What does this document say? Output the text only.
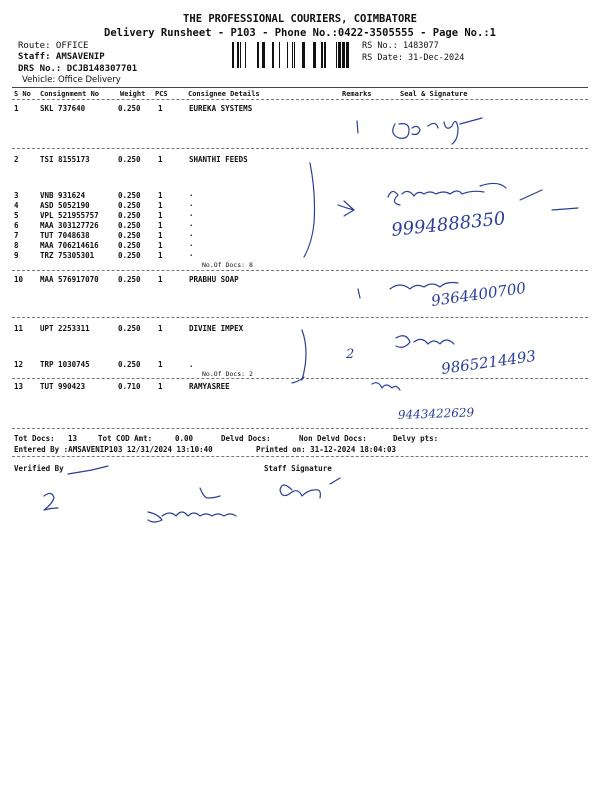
THE PROFESSIONAL COURIERS, COIMBATORE
Delivery Runsheet - P103 - Phone No.:0422-3505555 - Page No.:1
Route: OFFICE
Staff: AMSAVENIP
DRS No.: DCJB148307701
Vehicle: Office Delivery
RS No.: 1483077
RS Date: 31-Dec-2024
S No Consignment No	Weight PCS	Consignee Details	Remarks	Seal & Signature
1	SKL 737640	0.250 1	EUREKA SYSTEMS
2	TSI 8155173	0.250 1	SHANTHI FEEDS
3	VNB 931624	0.250 1	.
4	ASD 5052190	0.250 1	.
5	VPL 521955757	0.250 1	.
6	MAA 303127726	0.250 1	.
7	TUT 7048638	0.250 1	.
8	MAA 706214616	0.250 1	.
9	TRZ 75305301	0.250 1	.
No.Of Docs: 8
10 MAA 576917070	0.250 1	PRABHU SOAP
11 UPT 2253311	0.250 1	DIVINE IMPEX
12 TRP 1030745	0.250 1	.
No.Of Docs: 2
13 TUT 990423	0.710 1	RAMYASREE
Tot Docs: 13	Tot COD Amt:	0.00	Delvd Docs:	Non Delvd Docs:	Delvy pts:
Entered By :AMSAVENIP103 12/31/2024 13:10:40	Printed on: 31-12-2024 18:04:03
Verified By	Staff Signature
9994888350
9364400700
2	9865214493
9443422629
